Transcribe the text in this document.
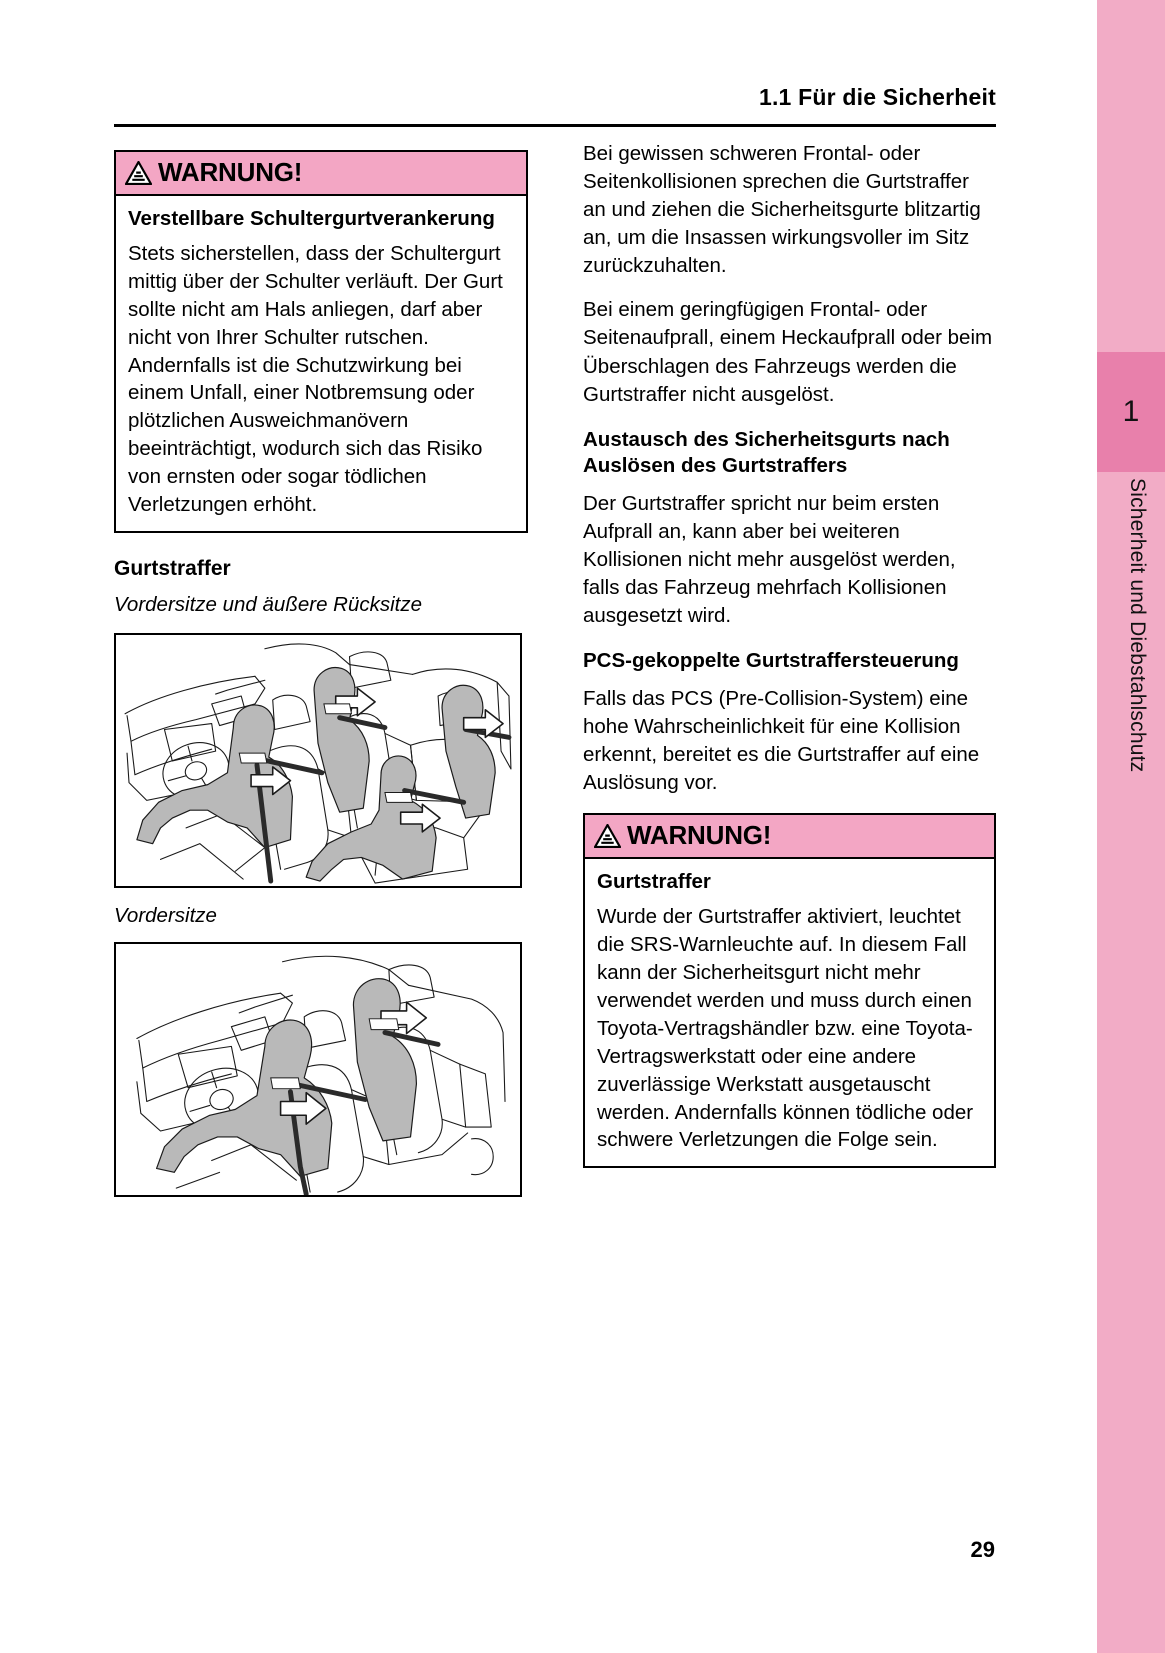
1
Sicherheit und Diebstahlschutz
1.1 Für die Sicherheit
WARNUNG!
Verstellbare Schultergurtverankerung

Stets sicherstellen, dass der Schultergurt mittig über der Schulter verläuft. Der Gurt sollte nicht am Hals anliegen, darf aber nicht von Ihrer Schulter rutschen. Andernfalls ist die Schutzwirkung bei einem Unfall, einer Notbremsung oder plötzlichen Ausweichmanövern beeinträchtigt, wodurch sich das Risiko von ernsten oder sogar tödlichen Verletzungen erhöht.

Gurtstraffer

Vordersitze und äußere Rücksitze

Vordersitze

Bei gewissen schweren Frontal- oder Seitenkollisionen sprechen die Gurtstraffer an und ziehen die Sicherheitsgurte blitzartig an, um die Insassen wirkungsvoller im Sitz zurückzuhalten.

Bei einem geringfügigen Frontal- oder Seitenaufprall, einem Heckaufprall oder beim Überschlagen des Fahrzeugs werden die Gurtstraffer nicht ausgelöst.

Austausch des Sicherheitsgurts nach Auslösen des Gurtstraffers

Der Gurtstraffer spricht nur beim ersten Aufprall an, kann aber bei weiteren Kollisionen nicht mehr ausgelöst werden, falls das Fahrzeug mehrfach Kollisionen ausgesetzt wird.

PCS-gekoppelte Gurtstraffersteuerung

Falls das PCS (Pre-Collision-System) eine hohe Wahrscheinlichkeit für eine Kollision erkennt, bereitet es die Gurtstraffer auf eine Auslösung vor.

WARNUNG!
Gurtstraffer

Wurde der Gurtstraffer aktiviert, leuchtet die SRS-Warnleuchte auf. In diesem Fall kann der Sicherheitsgurt nicht mehr verwendet werden und muss durch einen Toyota-Vertragshändler bzw. eine Toyota-Vertragswerkstatt oder eine andere zuverlässige Werkstatt ausgetauscht werden. Andernfalls können tödliche oder schwere Verletzungen die Folge sein.

29
